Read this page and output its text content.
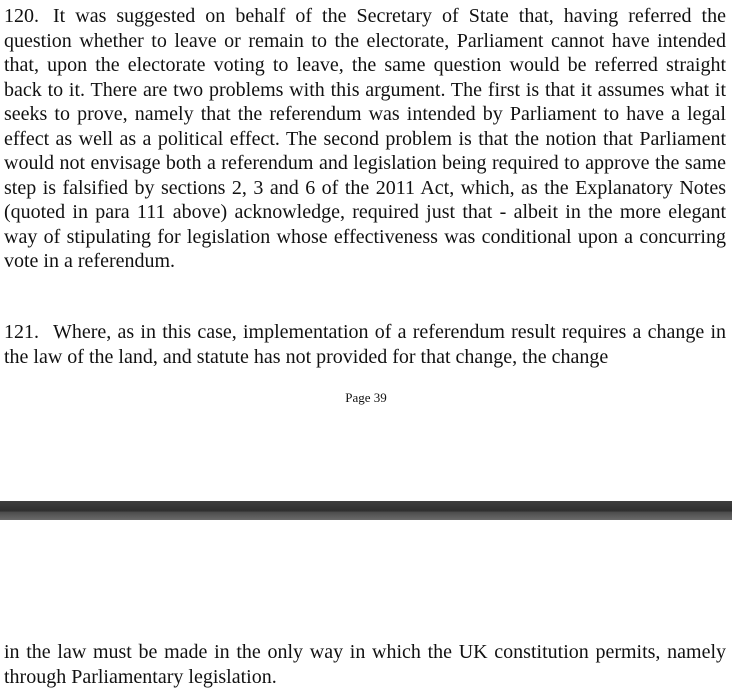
120. It was suggested on behalf of the Secretary of State that, having referred the question whether to leave or remain to the electorate, Parliament cannot have intended that, upon the electorate voting to leave, the same question would be referred straight back to it. There are two problems with this argument. The first is that it assumes what it seeks to prove, namely that the referendum was intended by Parliament to have a legal effect as well as a political effect. The second problem is that the notion that Parliament would not envisage both a referendum and legislation being required to approve the same step is falsified by sections 2, 3 and 6 of the 2011 Act, which, as the Explanatory Notes (quoted in para 111 above) acknowledge, required just that - albeit in the more elegant way of stipulating for legislation whose effectiveness was conditional upon a concurring vote in a referendum.

121. Where, as in this case, implementation of a referendum result requires a change in the law of the land, and statute has not provided for that change, the change

Page 39

in the law must be made in the only way in which the UK constitution permits, namely through Parliamentary legislation.
